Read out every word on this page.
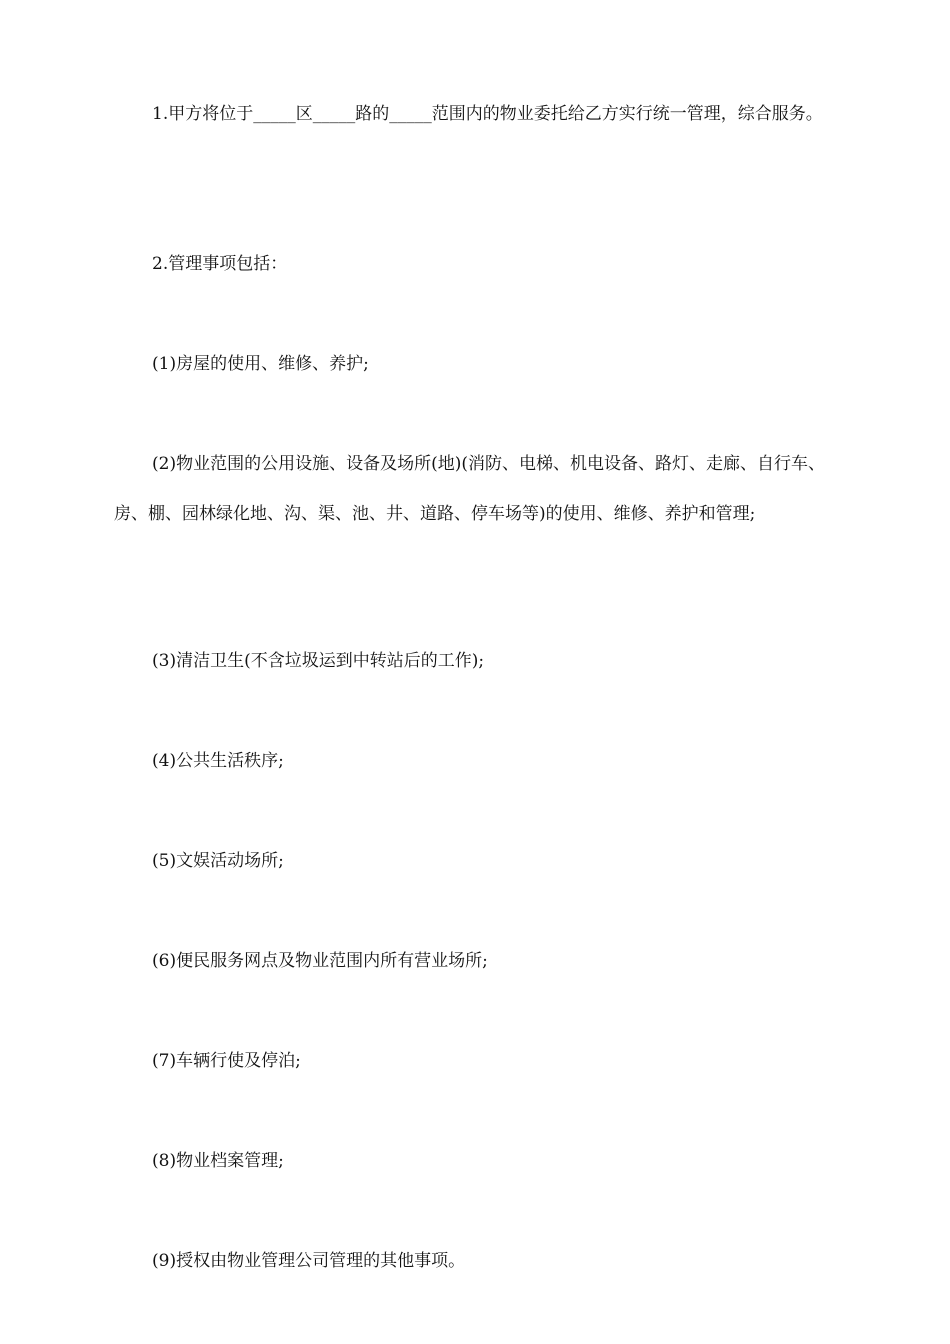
1.甲方将位于_____区_____路的_____范围内的物业委托给乙方实行统一管理，综合服务。

2.管理事项包括：

(1)房屋的使用、维修、养护;

(2)物业范围的公用设施、设备及场所(地)(消防、电梯、机电设备、路灯、走廊、自行车、房、棚、园林绿化地、沟、渠、池、井、道路、停车场等)的使用、维修、养护和管理;

(3)清洁卫生(不含垃圾运到中转站后的工作);

(4)公共生活秩序;

(5)文娱活动场所;

(6)便民服务网点及物业范围内所有营业场所;

(7)车辆行使及停泊;

(8)物业档案管理;

(9)授权由物业管理公司管理的其他事项。
